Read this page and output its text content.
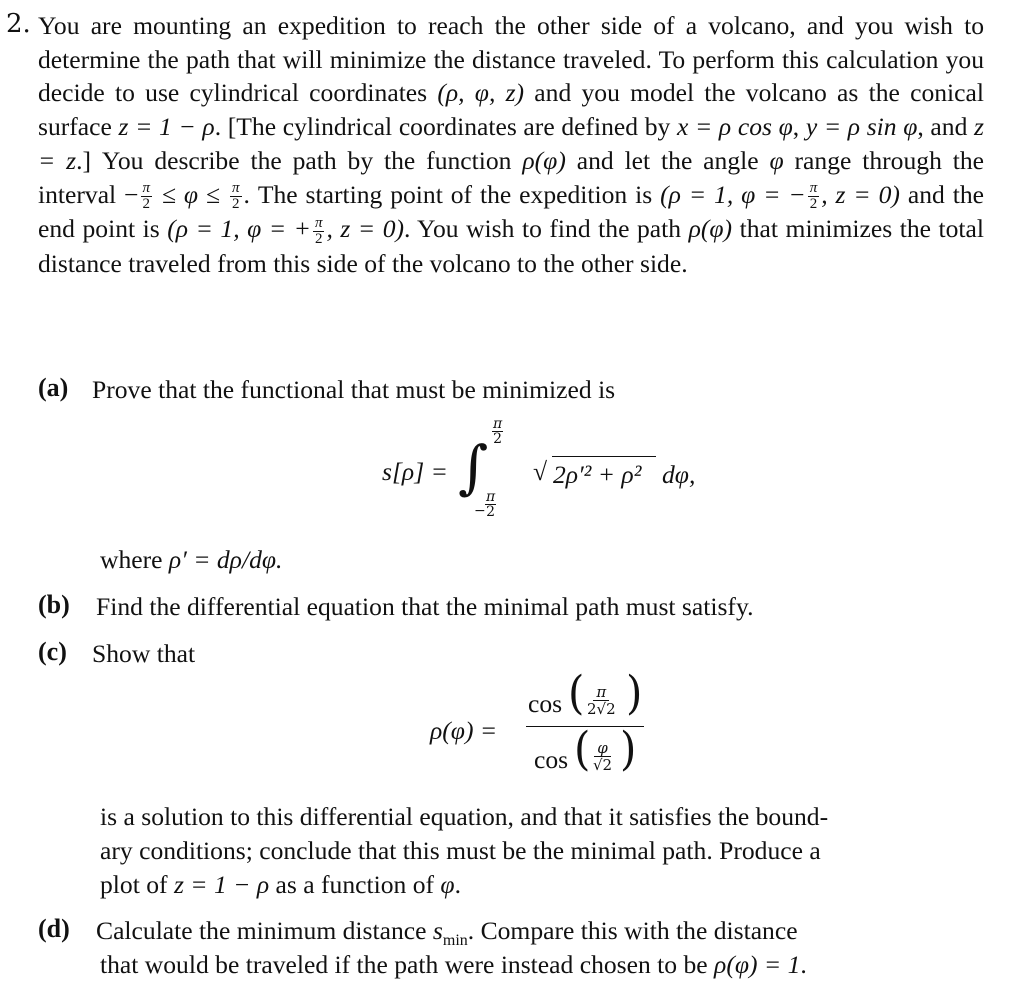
2. You are mounting an expedition to reach the other side of a volcano, and you wish to determine the path that will minimize the distance traveled. To perform this calculation you decide to use cylindrical coordinates (ρ, φ, z) and you model the volcano as the conical surface z = 1 − ρ. [The cylindrical coordinates are defined by x = ρ cos φ, y = ρ sin φ, and z = z.] You describe the path by the function ρ(φ) and let the angle φ range through the interval − $\frac{\pi}{2} \le \varphi \le \frac{\pi}{2}$ . The starting point of the expedition is (ρ = 1, φ = − $\frac{\pi}{2}$ , z = 0) and the end point is (ρ = 1, φ = + $\frac{\pi}{2}$ , z = 0). You wish to find the path ρ(φ) that minimizes the total distance traveled from this side of the volcano to the other side.
(a) Prove that the functional that must be minimized is
s[ρ] = ∫
π
2
−
π
2
√ 2ρ′² + ρ² dφ,
where ρ′ = dρ/dφ.
(b) Find the differential equation that the minimal path must satisfy.
(c) Show that
ρ(φ) =
cos ( $\frac{\pi}{2√2}$ )
cos ( $\frac{\varphi}{√2}$ )
is a solution to this differential equation, and that it satisfies the bound-
ary conditions; conclude that this must be the minimal path. Produce a
plot of z = 1 − ρ as a function of φ.
(d) Calculate the minimum distance $s_{min}$. Compare this with the distance
that would be traveled if the path were instead chosen to be ρ(φ) = 1.
